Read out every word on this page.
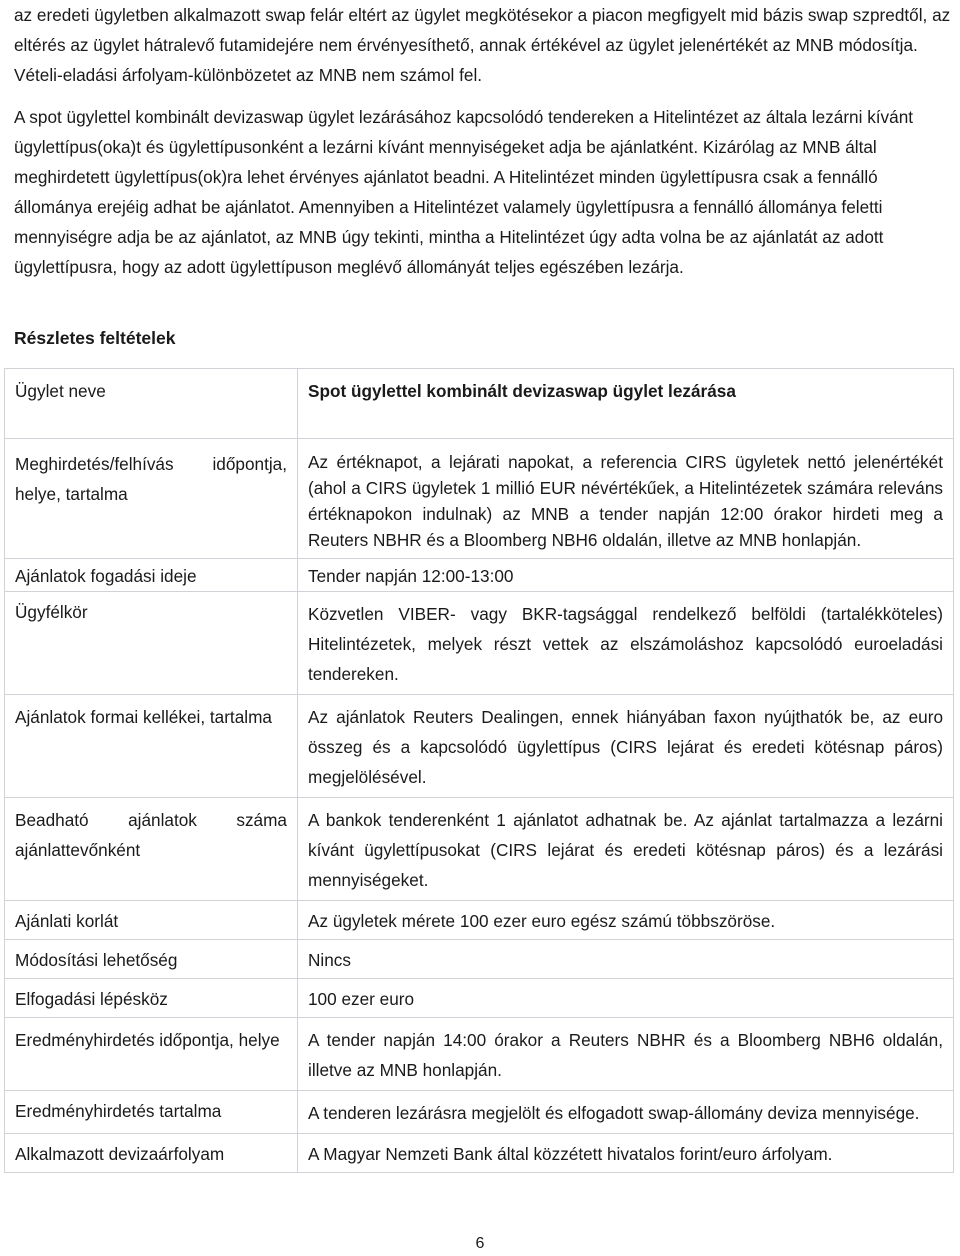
az eredeti ügyletben alkalmazott swap felár eltért az ügylet megkötésekor a piacon megfigyelt mid bázis swap szpredtől, az eltérés az ügylet hátralevő futamidejére nem érvényesíthető, annak értékével az ügylet jelenértékét az MNB módosítja. Vételi-eladási árfolyam-különbözetet az MNB nem számol fel.

A spot ügylettel kombinált devizaswap ügylet lezárásához kapcsolódó tendereken a Hitelintézet az általa lezárni kívánt ügylettípus(oka)t és ügylettípusonként a lezárni kívánt mennyiségeket adja be ajánlatként. Kizárólag az MNB által meghirdetett ügylettípus(ok)ra lehet érvényes ajánlatot beadni. A Hitelintézet minden ügylettípusra csak a fennálló állománya erejéig adhat be ajánlatot. Amennyiben a Hitelintézet valamely ügylettípusra a fennálló állománya feletti mennyiségre adja be az ajánlatot, az MNB úgy tekinti, mintha a Hitelintézet úgy adta volna be az ajánlatát az adott ügylettípusra, hogy az adott ügylettípuson meglévő állományát teljes egészében lezárja.

Részletes feltételek

Ügylet neve	Spot ügylettel kombinált devizaswap ügylet lezárása

Meghirdetés/felhívás időpontja, helye, tartalma	Az értéknapot, a lejárati napokat, a referencia CIRS ügyletek nettó jelenértékét (ahol a CIRS ügyletek 1 millió EUR névértékűek, a Hitelintézetek számára releváns értéknapokon indulnak) az MNB a tender napján 12:00 órakor hirdeti meg a Reuters NBHR és a Bloomberg NBH6 oldalán, illetve az MNB honlapján.

Ajánlatok fogadási ideje	Tender napján 12:00-13:00

Ügyfélkör	Közvetlen VIBER- vagy BKR-tagsággal rendelkező belföldi (tartalékköteles) Hitelintézetek, melyek részt vettek az elszámoláshoz kapcsolódó euroeladási tendereken.

Ajánlatok formai kellékei, tartalma	Az ajánlatok Reuters Dealingen, ennek hiányában faxon nyújthatók be, az euro összeg és a kapcsolódó ügylettípus (CIRS lejárat és eredeti kötésnap páros) megjelölésével.

Beadható ajánlatok száma ajánlattevőnként	A bankok tenderenként 1 ajánlatot adhatnak be. Az ajánlat tartalmazza a lezárni kívánt ügylettípusokat (CIRS lejárat és eredeti kötésnap páros) és a lezárási mennyiségeket.

Ajánlati korlát	Az ügyletek mérete 100 ezer euro egész számú többszöröse.

Módosítási lehetőség	Nincs

Elfogadási lépésköz	100 ezer euro

Eredményhirdetés időpontja, helye	A tender napján 14:00 órakor a Reuters NBHR és a Bloomberg NBH6 oldalán, illetve az MNB honlapján.

Eredményhirdetés tartalma	A tenderen lezárásra megjelölt és elfogadott swap-állomány deviza mennyisége.

Alkalmazott devizaárfolyam	A Magyar Nemzeti Bank által közzétett hivatalos forint/euro árfolyam.
6
